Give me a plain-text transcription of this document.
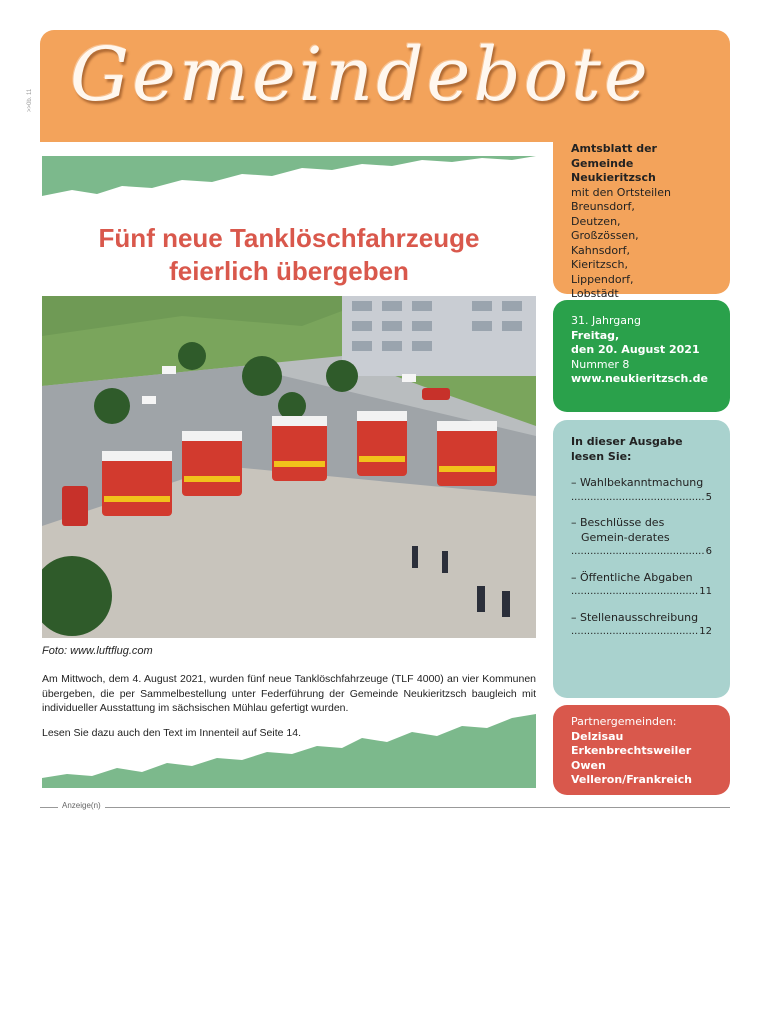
>>0b. 11 Gemeindebote
Amtsblatt der Gemeinde
Neukieritzsch
mit den Ortsteilen
Breunsdorf,
Deutzen,
Großzössen,
Kahnsdorf,
Kieritzsch,
Lippendorf,
Lobstädt
31. Jahrgang
Freitag,
den 20. August 2021
Nummer 8
www.neukieritzsch.de
In dieser Ausgabe
lesen Sie:
– Wahlbekanntmachung
.....
5
– Beschlüsse des Gemein-derates
.....
6
– Öffentliche Abgaben
.....
11
– Stellenausschreibung
.....
12
Partnergemeinden:
Delzisau
Erkenbrechtsweiler
Owen
Velleron/Frankreich
Fünf neue Tanklöschfahrzeuge
feierlich übergeben
Foto: www.luftflug.com

Am Mittwoch, dem 4. August 2021, wurden fünf neue Tanklöschfahrzeuge (TLF 4000) an vier Kommunen übergeben, die per Sammelbestellung unter Federführung der Gemeinde Neukieritzsch baugleich mit individueller Ausstattung im sächsischen Mühlau gefertigt wurden.

Lesen Sie dazu auch den Text im Innenteil auf Seite 14.

Anzeige(n)
